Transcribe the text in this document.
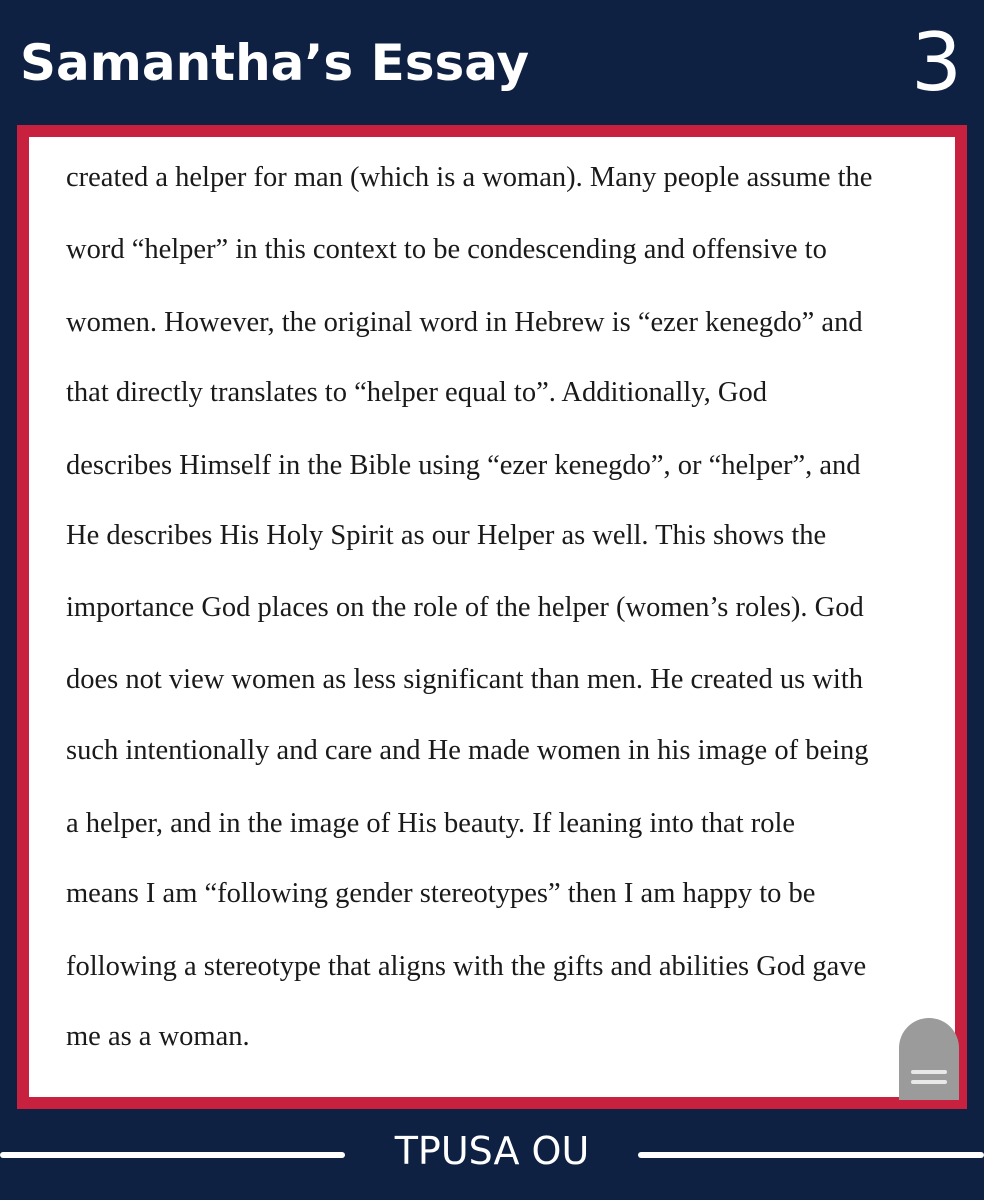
Samantha’s Essay	3
created a helper for man (which is a woman). Many people assume the
word “helper” in this context to be condescending and offensive to
women. However, the original word in Hebrew is “ezer kenegdo” and
that directly translates to “helper equal to”. Additionally, God
describes Himself in the Bible using “ezer kenegdo”, or “helper”, and
He describes His Holy Spirit as our Helper as well. This shows the
importance God places on the role of the helper (women’s roles). God
does not view women as less significant than men. He created us with
such intentionally and care and He made women in his image of being
a helper, and in the image of His beauty. If leaning into that role
means I am “following gender stereotypes” then I am happy to be
following a stereotype that aligns with the gifts and abilities God gave
me as a woman.
TPUSA OU
